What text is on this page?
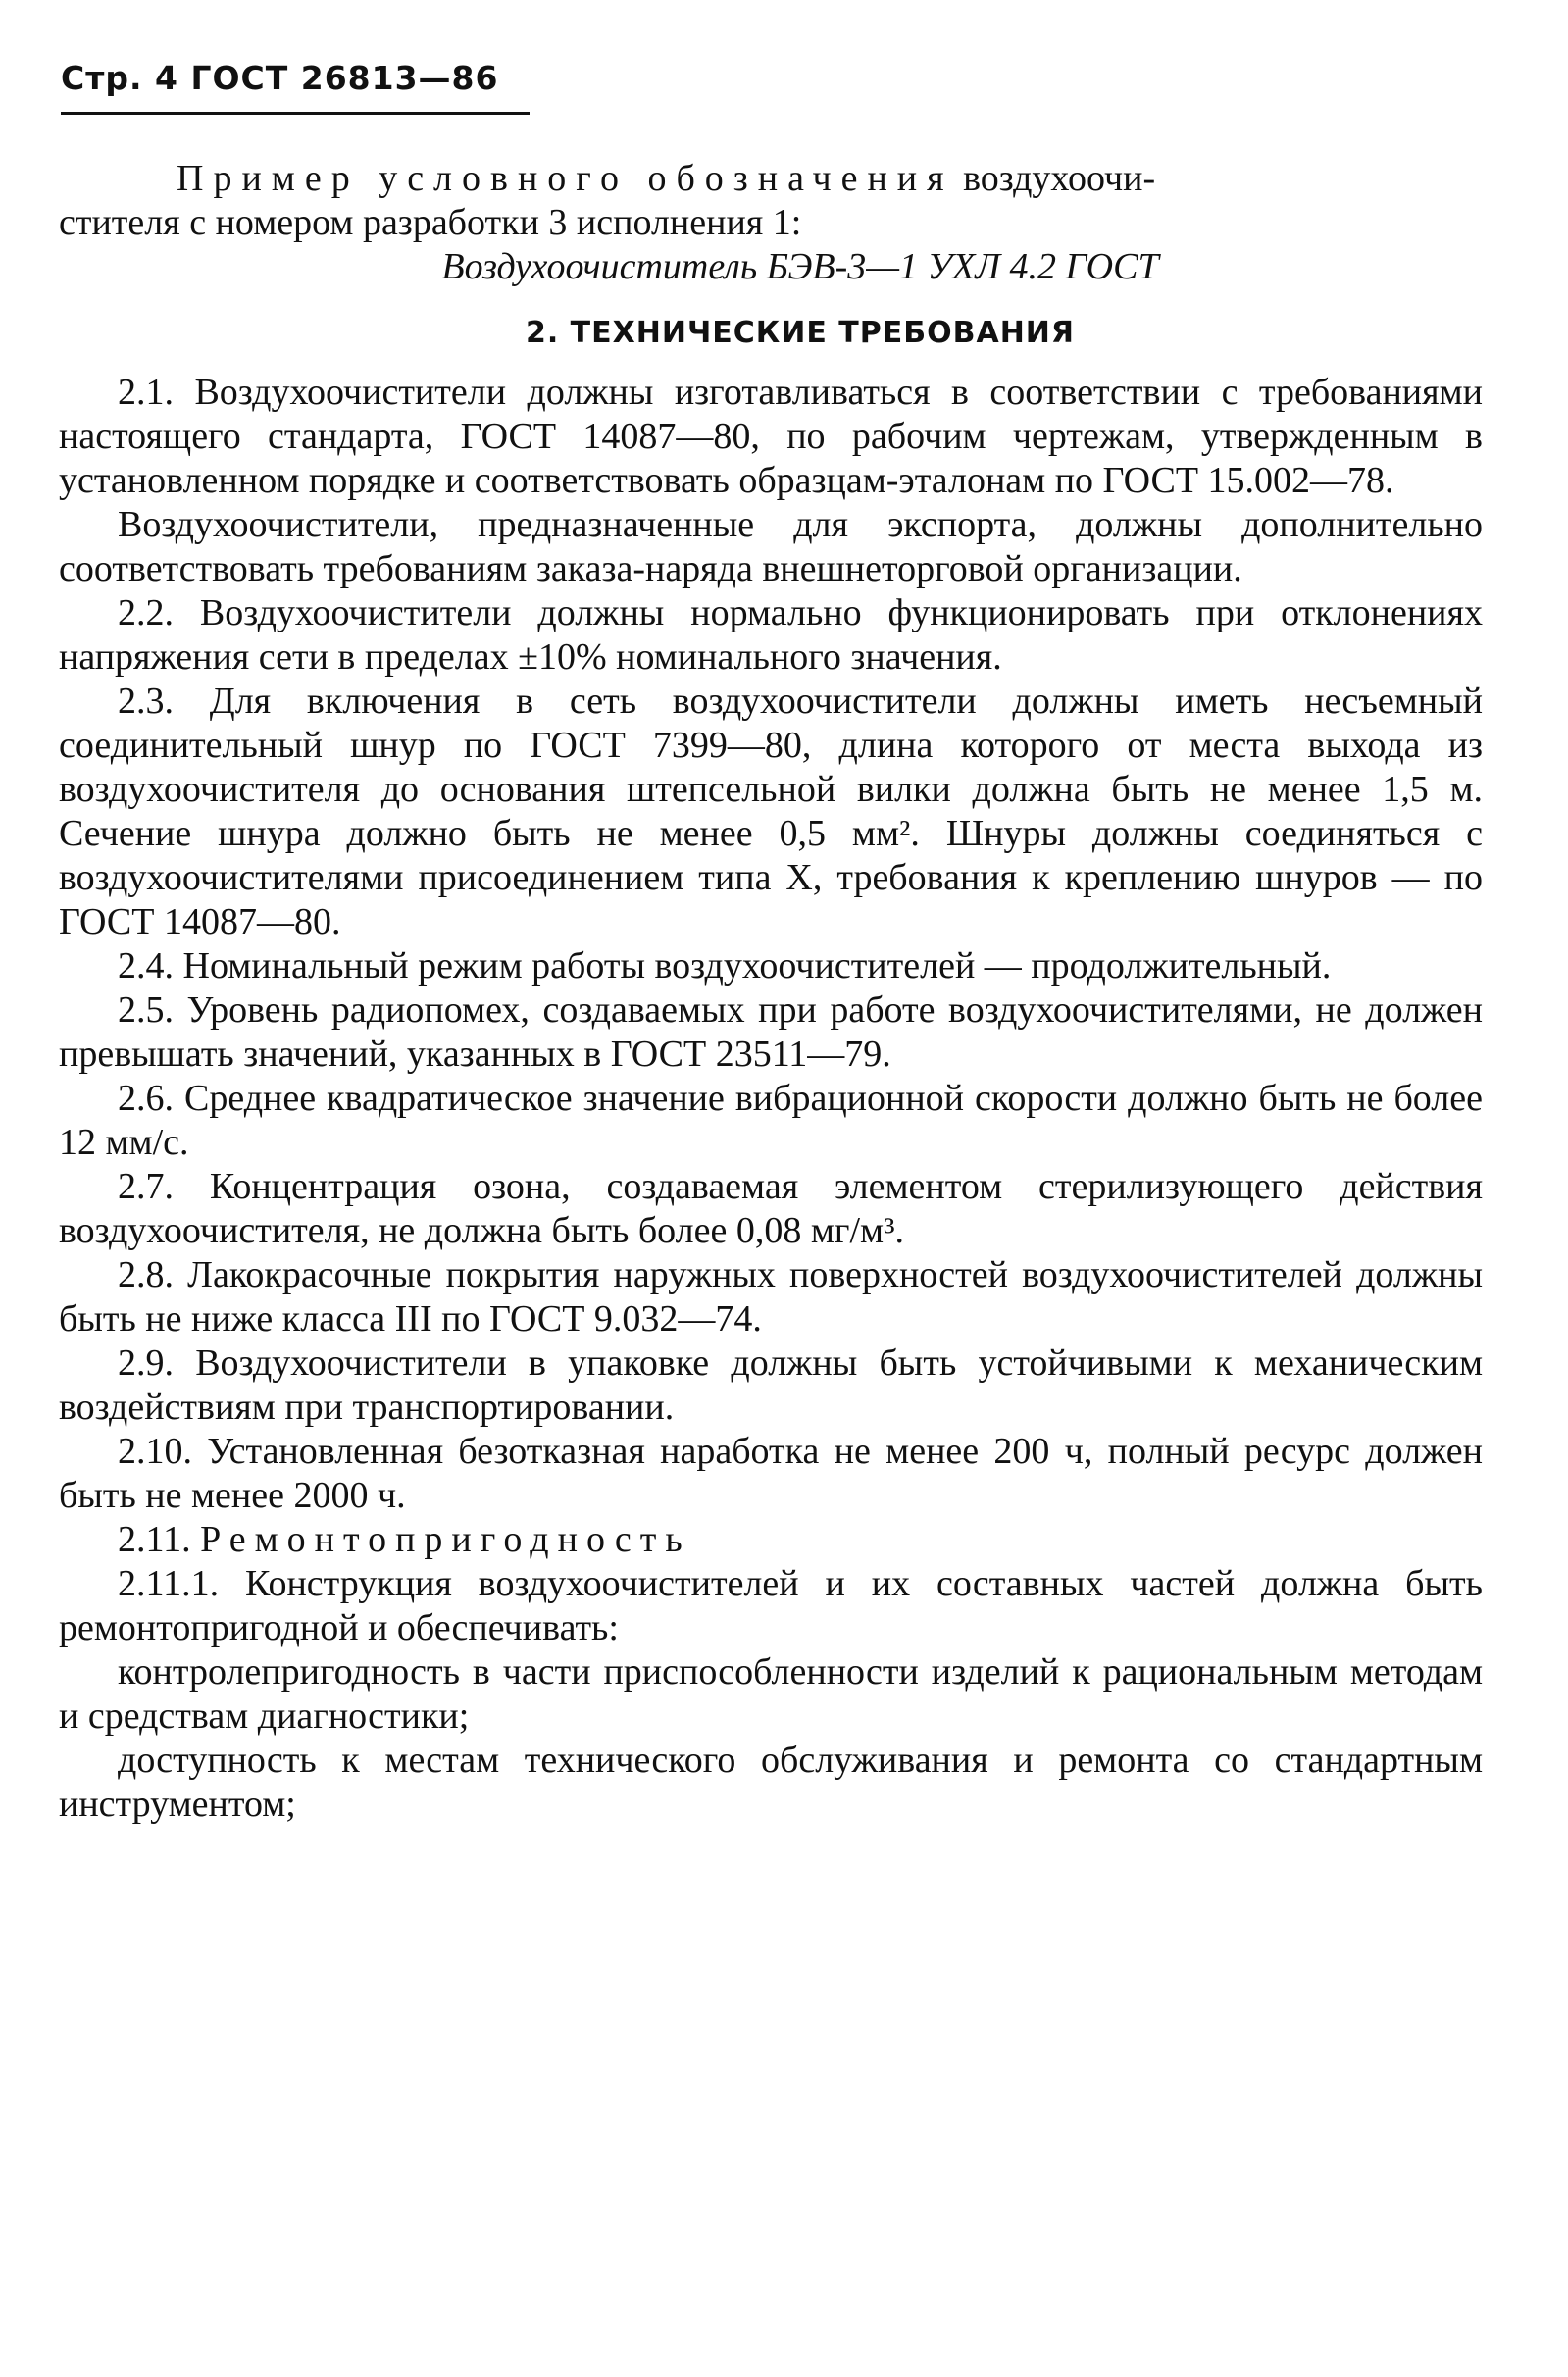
Стр. 4 ГОСТ 26813—86

Пример условного обозначения воздухоочи-

стителя с номером разработки 3 исполнения 1:

Воздухоочиститель БЭВ-3—1 УХЛ 4.2 ГОСТ

2. ТЕХНИЧЕСКИЕ ТРЕБОВАНИЯ

2.1. Воздухоочистители должны изготавливаться в соответствии с требованиями настоящего стандарта, ГОСТ 14087—80, по рабочим чертежам, утвержденным в установленном порядке и соответствовать образцам-эталонам по ГОСТ 15.002—78.

Воздухоочистители, предназначенные для экспорта, должны дополнительно соответствовать требованиям заказа-наряда внешнеторговой организации.

2.2. Воздухоочистители должны нормально функционировать при отклонениях напряжения сети в пределах ±10% номинального значения.

2.3. Для включения в сеть воздухоочистители должны иметь несъемный соединительный шнур по ГОСТ 7399—80, длина которого от места выхода из воздухоочистителя до основания штепсельной вилки должна быть не менее 1,5 м. Сечение шнура должно быть не менее 0,5 мм². Шнуры должны соединяться с воздухоочистителями присоединением типа X, требования к креплению шнуров — по ГОСТ 14087—80.

2.4. Номинальный режим работы воздухоочистителей — продолжительный.

2.5. Уровень радиопомех, создаваемых при работе воздухоочистителями, не должен превышать значений, указанных в ГОСТ 23511—79.

2.6. Среднее квадратическое значение вибрационной скорости должно быть не более 12 мм/с.

2.7. Концентрация озона, создаваемая элементом стерилизующего действия воздухоочистителя, не должна быть более 0,08 мг/м³.

2.8. Лакокрасочные покрытия наружных поверхностей воздухоочистителей должны быть не ниже класса III по ГОСТ 9.032—74.

2.9. Воздухоочистители в упаковке должны быть устойчивыми к механическим воздействиям при транспортировании.

2.10. Установленная безотказная наработка не менее 200 ч, полный ресурс должен быть не менее 2000 ч.

2.11. Ремонтопригодность

2.11.1. Конструкция воздухоочистителей и их составных частей должна быть ремонтопригодной и обеспечивать:

контролепригодность в части приспособленности изделий к рациональным методам и средствам диагностики;

доступность к местам технического обслуживания и ремонта со стандартным инструментом;
